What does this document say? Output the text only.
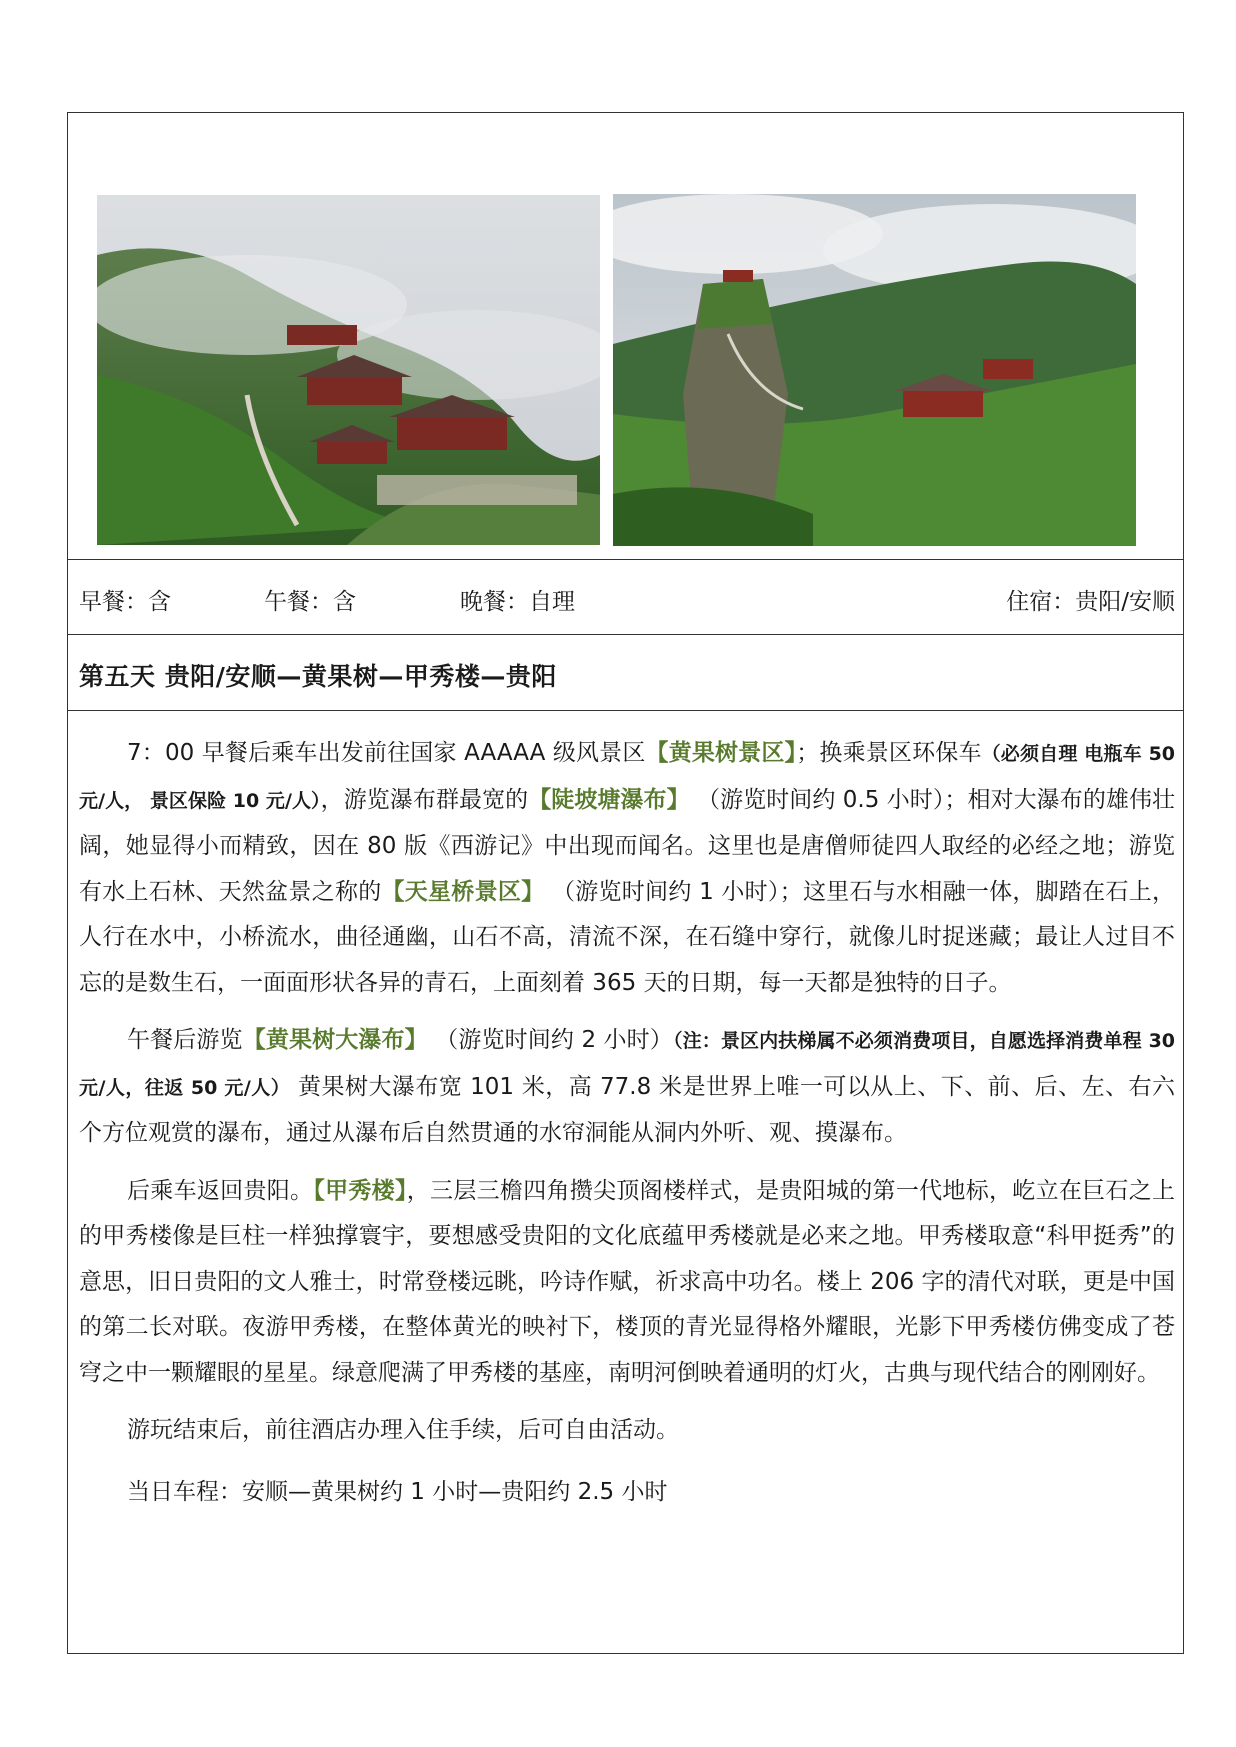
早餐：含	午餐：含	晚餐：自理	住宿：贵阳/安顺
第五天 贵阳/安顺—黄果树—甲秀楼—贵阳

7：00 早餐后乘车出发前往国家 AAAAA 级风景区【黄果树景区】；换乘景区环保车（必须自理 电瓶车 50 元/人， 景区保险 10 元/人），游览瀑布群最宽的【陡坡塘瀑布】 （游览时间约 0.5 小时）；相对大瀑布的雄伟壮阔，她显得小而精致，因在 80 版《西游记》中出现而闻名。这里也是唐僧师徒四人取经的必经之地；游览有水上石林、天然盆景之称的【天星桥景区】 （游览时间约 1 小时）；这里石与水相融一体，脚踏在石上，人行在水中，小桥流水，曲径通幽，山石不高，清流不深，在石缝中穿行，就像儿时捉迷藏；最让人过目不忘的是数生石，一面面形状各异的青石，上面刻着 365 天的日期，每一天都是独特的日子。

午餐后游览【黄果树大瀑布】 （游览时间约 2 小时）（注：景区内扶梯属不必须消费项目，自愿选择消费单程 30 元/人，往返 50 元/人） 黄果树大瀑布宽 101 米，高 77.8 米是世界上唯一可以从上、下、前、后、左、右六个方位观赏的瀑布，通过从瀑布后自然贯通的水帘洞能从洞内外听、观、摸瀑布。

后乘车返回贵阳。【甲秀楼】，三层三檐四角攒尖顶阁楼样式，是贵阳城的第一代地标，屹立在巨石之上的甲秀楼像是巨柱一样独撑寰宇，要想感受贵阳的文化底蕴甲秀楼就是必来之地。甲秀楼取意“科甲挺秀”的意思，旧日贵阳的文人雅士，时常登楼远眺，吟诗作赋，祈求高中功名。楼上 206 字的清代对联，更是中国的第二长对联。夜游甲秀楼，在整体黄光的映衬下，楼顶的青光显得格外耀眼，光影下甲秀楼仿佛变成了苍穹之中一颗耀眼的星星。绿意爬满了甲秀楼的基座，南明河倒映着通明的灯火，古典与现代结合的刚刚好。

游玩结束后，前往酒店办理入住手续，后可自由活动。

当日车程：安顺—黄果树约 1 小时—贵阳约 2.5 小时
